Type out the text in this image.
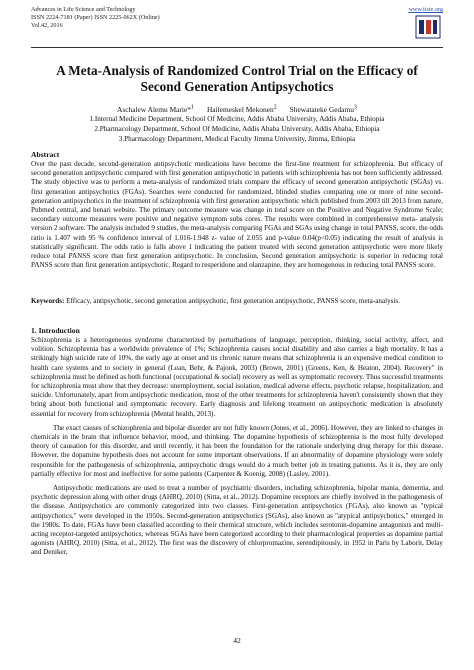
Advances in Life Science and Technology
ISSN 2224-7181 (Paper) ISSN 2225-062X (Online)
Vol.42, 2016
www.iiste.org
A Meta-Analysis of Randomized Control Trial on the Efficacy of
Second Generation Antipsychotics
Aschalew Alemu Marie*$^1$ Hailemeskel Mekonen$^2$ Shewatateke Gedamu$^3$
1.Internal Medicine Department, School Of Medicine, Addis Ababa University, Addis Ababa, Ethiopia
2.Pharmacology Department, School Of Medicine, Addis Ababa University, Addis Ababa, Ethiopia
3.Pharmacology Department, Medical Faculty Jimma University, Jimma, Ethiopia
Abstract
Over the past decade, second-generation antipsychotic medications have become the first-line treatment for schizophrenia. But efficacy of second generation antipsychotic compared with first generation antipsychotic in patients with schizophrenia has not been sufficiently addressed. The study objective was to perform a meta-analysis of randomized trials compare the efficacy of second generation antipsychotic (SGAs) vs. first generation antipsychotics (FGAs). Searches were conducted for randomized, blinded studies comparing one or more of nine second- generation antipsychotics in the treatment of schizophrenia with first generation antipsychotic which published from 2003 till 2013 from nature, Pubmed central, and henari website. The primary outcome measure was change in total score on the Positive and Negative Syndrome Scale; secondary outcome measures were positive and negative symptom subs cores. The results were combined in comprehensive meta- analysis version 2 software. The analysis included 9 studies, the meta-analysis comparing FGAs and SGAs using change in total PANSS, score, the odds ratio is 1.407 with 95 % confidence interval of 1.016-1.948 z- value of 2.055 and p-value 0.04(p<0.05) indicating the result of analysis is statistically significant. The odds ratio is falls above 1 indicating the patient treated with second generation antipsychotic were more likely reduce total PANSS score than first generation antipsychotic. In conclusion, Second generation antipsychotic is superior in reducing total PANSS score than first generation antipsychotic. Regard to resperidone and olanzapine, they are homogenous in reducing total PANSS score.
Keywords: Efficacy, antipsychotic, second generation antipsychotic, first generation antipsychotic, PANSS score, meta-analysis.
1. Introduction

Schizophrenia is a heterogeneous syndrome characterized by perturbations of language, perception, thinking, social activity, affect, and volition. Schizophrenia has a worldwide prevalence of 1%; Schizophrenia causes social disability and also carries a high mortality. It has a strikingly high suicide rate of 10%, the early age at onset and its chronic nature means that schizophrenia is an expensive medical condition to health care systems and to society in general (Lean, Behr, & Pajonk, 2003) (Brown, 2001) (Greens, Ken, & Heaton, 2004). Recovery" in schizophrenia must be defined as both functional (occupational & social) recovery as well as symptomatic recovery. Thus successful treatments for schizophrenia must show that they decrease: unemployment, social isolation, medical adverse effects, psychotic relapse, hospitalization, and suicide. Unfortunately, apart from antipsychotic medication, most of the other treatments for schizophrenia haven't consistently shown that they bring about both functional and symptomatic recovery. Early diagnosis and lifelong treatment on antipsychotic medication is absolutely essential for recovery from schizophrenia (Mental health, 2013).

The exact causes of schizophrenia and bipolar disorder are not fully known (Jones, et al., 2006). However, they are linked to changes in chemicals in the brain that influence behavior, mood, and thinking. The dopamine hypothesis of schizophrenia is the most fully developed theory of causation for this disorder, and until recently, it has been the foundation for the rationale underlying drug therapy for this disease. However, the dopamine hypothesis does not account for some important observations. If an abnormality of dopamine physiology were solely responsible for the pathogenesis of schizophrenia, antipsychotic drugs would do a much better job in treating patients. As it is, they are only partially effective for most and ineffective for some patients (Carpenter & Koenig, 2008) (Lasley, 2001).

Antipsychotic medications are used to treat a number of psychiatric disorders, including schizophrenia, bipolar mania, dementia, and psychotic depression along with other drugs (AHRQ, 2010) (Sitta, et al., 2012). Dopamine receptors are chiefly involved in the pathogenesis of the disease. Antipsychotics are commonly categorized into two classes. First-generation antipsychotics (FGAs), also known as "typical antipsychotics," were developed in the 1950s. Second-generation antipsychotics (SGAs), also known as "atypical antipsychotics," emerged in the 1980s. To date, FGAs have been classified according to their chemical structure, which includes serotonin-dopamine antagonists and multi-acting receptor-targeted antipsychotics, whereas SGAs have been categorized according to their pharmacological properties as dopamine partial agonists (AHRQ, 2010) (Sitta, et al., 2012). The first was the discovery of chlorpromazine, serendipitously, in 1952 in Paris by Laborit, Delay and Deniker,

42
